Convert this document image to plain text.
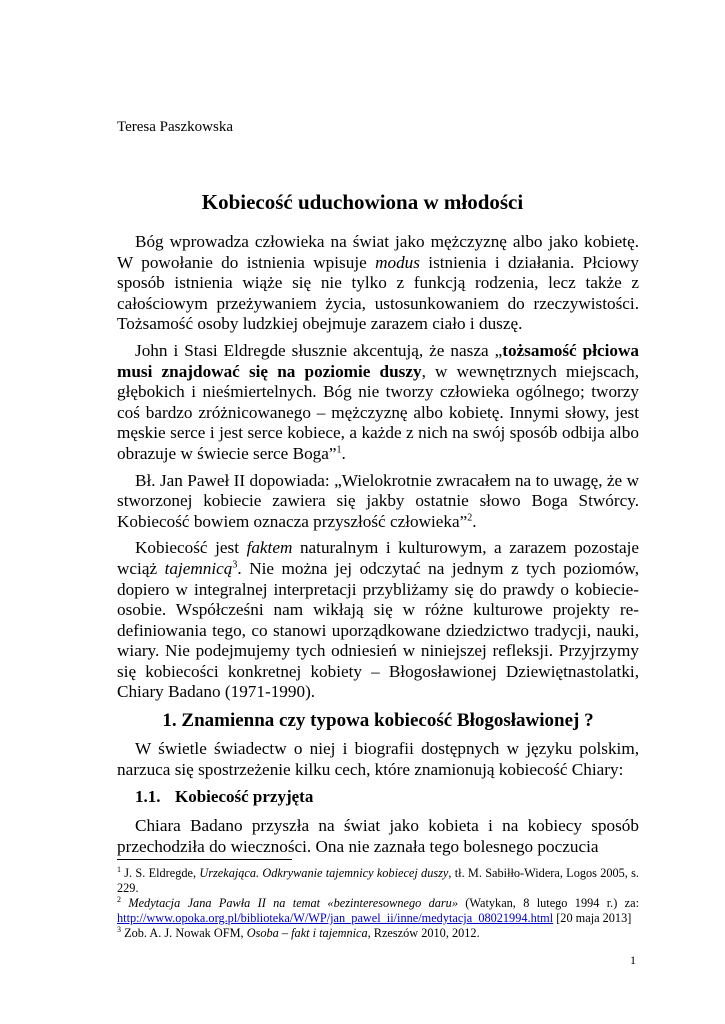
Teresa Paszkowska
Kobiecość uduchowiona w młodości

Bóg wprowadza człowieka na świat jako mężczyznę albo jako kobietę. W powołanie do istnienia wpisuje modus istnienia i działania. Płciowy sposób istnienia wiąże się nie tylko z funkcją rodzenia, lecz także z całościowym przeżywaniem życia, ustosunkowaniem do rzeczywistości. Tożsamość osoby ludzkiej obejmuje zarazem ciało i duszę.

John i Stasi Eldregde słusznie akcentują, że nasza „tożsamość płciowa musi znajdować się na poziomie duszy, w wewnętrznych miejscach, głębokich i nieśmiertelnych. Bóg nie tworzy człowieka ogólnego; tworzy coś bardzo zróżnicowanego – mężczyznę albo kobietę. Innymi słowy, jest męskie serce i jest serce kobiece, a każde z nich na swój sposób odbija albo obrazuje w świecie serce Boga”$^1$.

Bł. Jan Paweł II dopowiada: „Wielokrotnie zwracałem na to uwagę, że w stworzonej kobiecie zawiera się jakby ostatnie słowo Boga Stwórcy. Kobiecość bowiem oznacza przyszłość człowieka”$^2$.

Kobiecość jest faktem naturalnym i kulturowym, a zarazem pozostaje wciąż tajemnicą$^3$. Nie można jej odczytać na jednym z tych poziomów, dopiero w integralnej interpretacji przybliżamy się do prawdy o kobiecie-osobie. Współcześni nam wikłają się w różne kulturowe projekty re-definiowania tego, co stanowi uporządkowane dziedzictwo tradycji, nauki, wiary. Nie podejmujemy tych odniesień w niniejszej refleksji. Przyjrzymy się kobiecości konkretnej kobiety – Błogosławionej Dziewiętnastolatki, Chiary Badano (1971-1990).

1. Znamienna czy typowa kobiecość Błogosławionej ?

W świetle świadectw o niej i biografii dostępnych w języku polskim, narzuca się spostrzeżenie kilku cech, które znamionują kobiecość Chiary:

1.1. Kobiecość przyjęta

Chiara Badano przyszła na świat jako kobieta i na kobiecy sposób przechodziła do wieczności. Ona nie zaznała tego bolesnego poczucia

$^1$ J. S. Eldregde, Urzekająca. Odkrywanie tajemnicy kobiecej duszy, tł. M. Sabiłło-Widera, Logos 2005, s. 229.

$^2$ Medytacja Jana Pawła II na temat «bezinteresownego daru» (Watykan, 8 lutego 1994 r.) za: http://www.opoka.org.pl/biblioteka/W/WP/jan_pawel_ii/inne/medytacja_08021994.html [20 maja 2013]

$^3$ Zob. A. J. Nowak OFM, Osoba – fakt i tajemnica, Rzeszów 2010, 2012.

1
